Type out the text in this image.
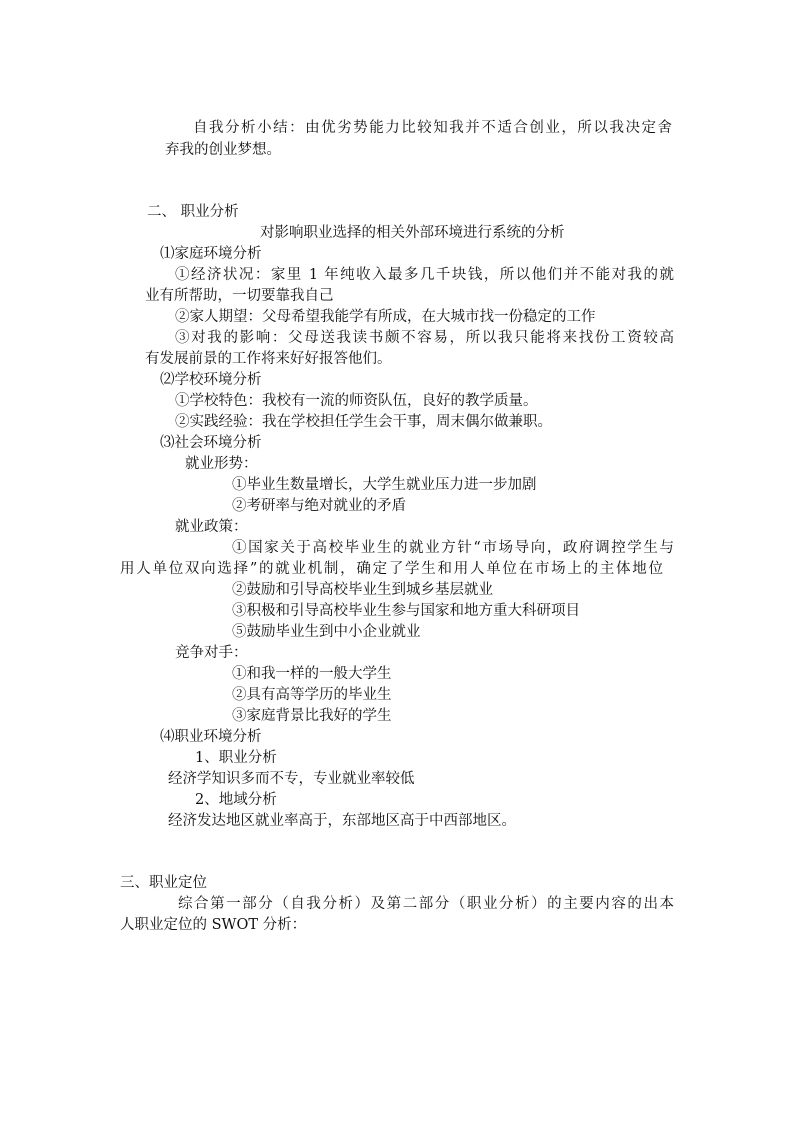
自我分析小结：由优劣势能力比较知我并不适合创业，所以我决定舍
弃我的创业梦想。
二、 职业分析
对影响职业选择的相关外部环境进行系统的分析
⑴家庭环境分析
①经济状况：家里 1 年纯收入最多几千块钱，所以他们并不能对我的就
业有所帮助，一切要靠我自己
②家人期望：父母希望我能学有所成，在大城市找一份稳定的工作
③对我的影响：父母送我读书颇不容易，所以我只能将来找份工资较高
有发展前景的工作将来好好报答他们。
⑵学校环境分析
①学校特色：我校有一流的师资队伍，良好的教学质量。
②实践经验：我在学校担任学生会干事，周末偶尔做兼职。
⑶社会环境分析
就业形势：
①毕业生数量增长，大学生就业压力进一步加剧
②考研率与绝对就业的矛盾
就业政策：
①国家关于高校毕业生的就业方针“市场导向，政府调控学生与
用人单位双向选择”的就业机制，确定了学生和用人单位在市场上的主体地位
②鼓励和引导高校毕业生到城乡基层就业
③积极和引导高校毕业生参与国家和地方重大科研项目
⑤鼓励毕业生到中小企业就业
竞争对手：
①和我一样的一般大学生
②具有高等学历的毕业生
③家庭背景比我好的学生
⑷职业环境分析
1、职业分析
经济学知识多而不专，专业就业率较低
2、地域分析
经济发达地区就业率高于，东部地区高于中西部地区。
三、职业定位
综合第一部分（自我分析）及第二部分（职业分析）的主要内容的出本
人职业定位的 SWOT 分析：
